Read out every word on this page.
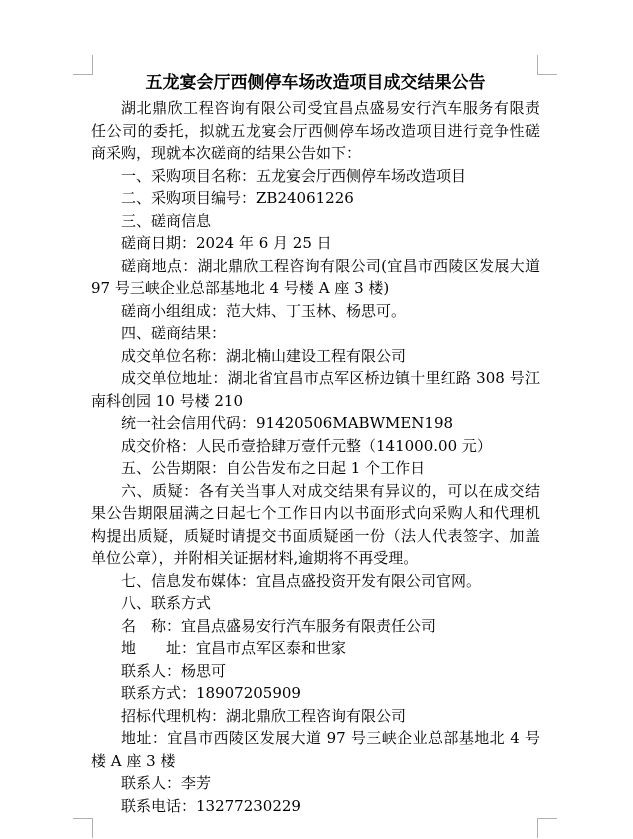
五龙宴会厅西侧停车场改造项目成交结果公告

湖北鼎欣工程咨询有限公司受宜昌点盛易安行汽车服务有限责任公司的委托，拟就五龙宴会厅西侧停车场改造项目进行竞争性磋商采购，现就本次磋商的结果公告如下：

一、采购项目名称：五龙宴会厅西侧停车场改造项目

二、采购项目编号：ZB24061226

三、磋商信息

磋商日期：2024 年 6 月 25 日

磋商地点：湖北鼎欣工程咨询有限公司(宜昌市西陵区发展大道 97 号三峡企业总部基地北 4 号楼 A 座 3 楼)

磋商小组组成：范大炜、丁玉林、杨思可。

四、磋商结果：

成交单位名称：湖北楠山建设工程有限公司

成交单位地址：湖北省宜昌市点军区桥边镇十里红路 308 号江南科创园 10 号楼 210

统一社会信用代码：91420506MABWMEN198

成交价格：人民币壹拾肆万壹仟元整（141000.00 元）

五、公告期限：自公告发布之日起 1 个工作日

六、质疑：各有关当事人对成交结果有异议的，可以在成交结果公告期限届满之日起七个工作日内以书面形式向采购人和代理机构提出质疑，质疑时请提交书面质疑函一份（法人代表签字、加盖单位公章），并附相关证据材料,逾期将不再受理。

七、信息发布媒体：宜昌点盛投资开发有限公司官网。

八、联系方式

名　称：宜昌点盛易安行汽车服务有限责任公司

地　　址：宜昌市点军区泰和世家

联系人：杨思可

联系方式：18907205909

招标代理机构：湖北鼎欣工程咨询有限公司

地址：宜昌市西陵区发展大道 97 号三峡企业总部基地北 4 号楼 A 座 3 楼

联系人：李芳

联系电话：13277230229
